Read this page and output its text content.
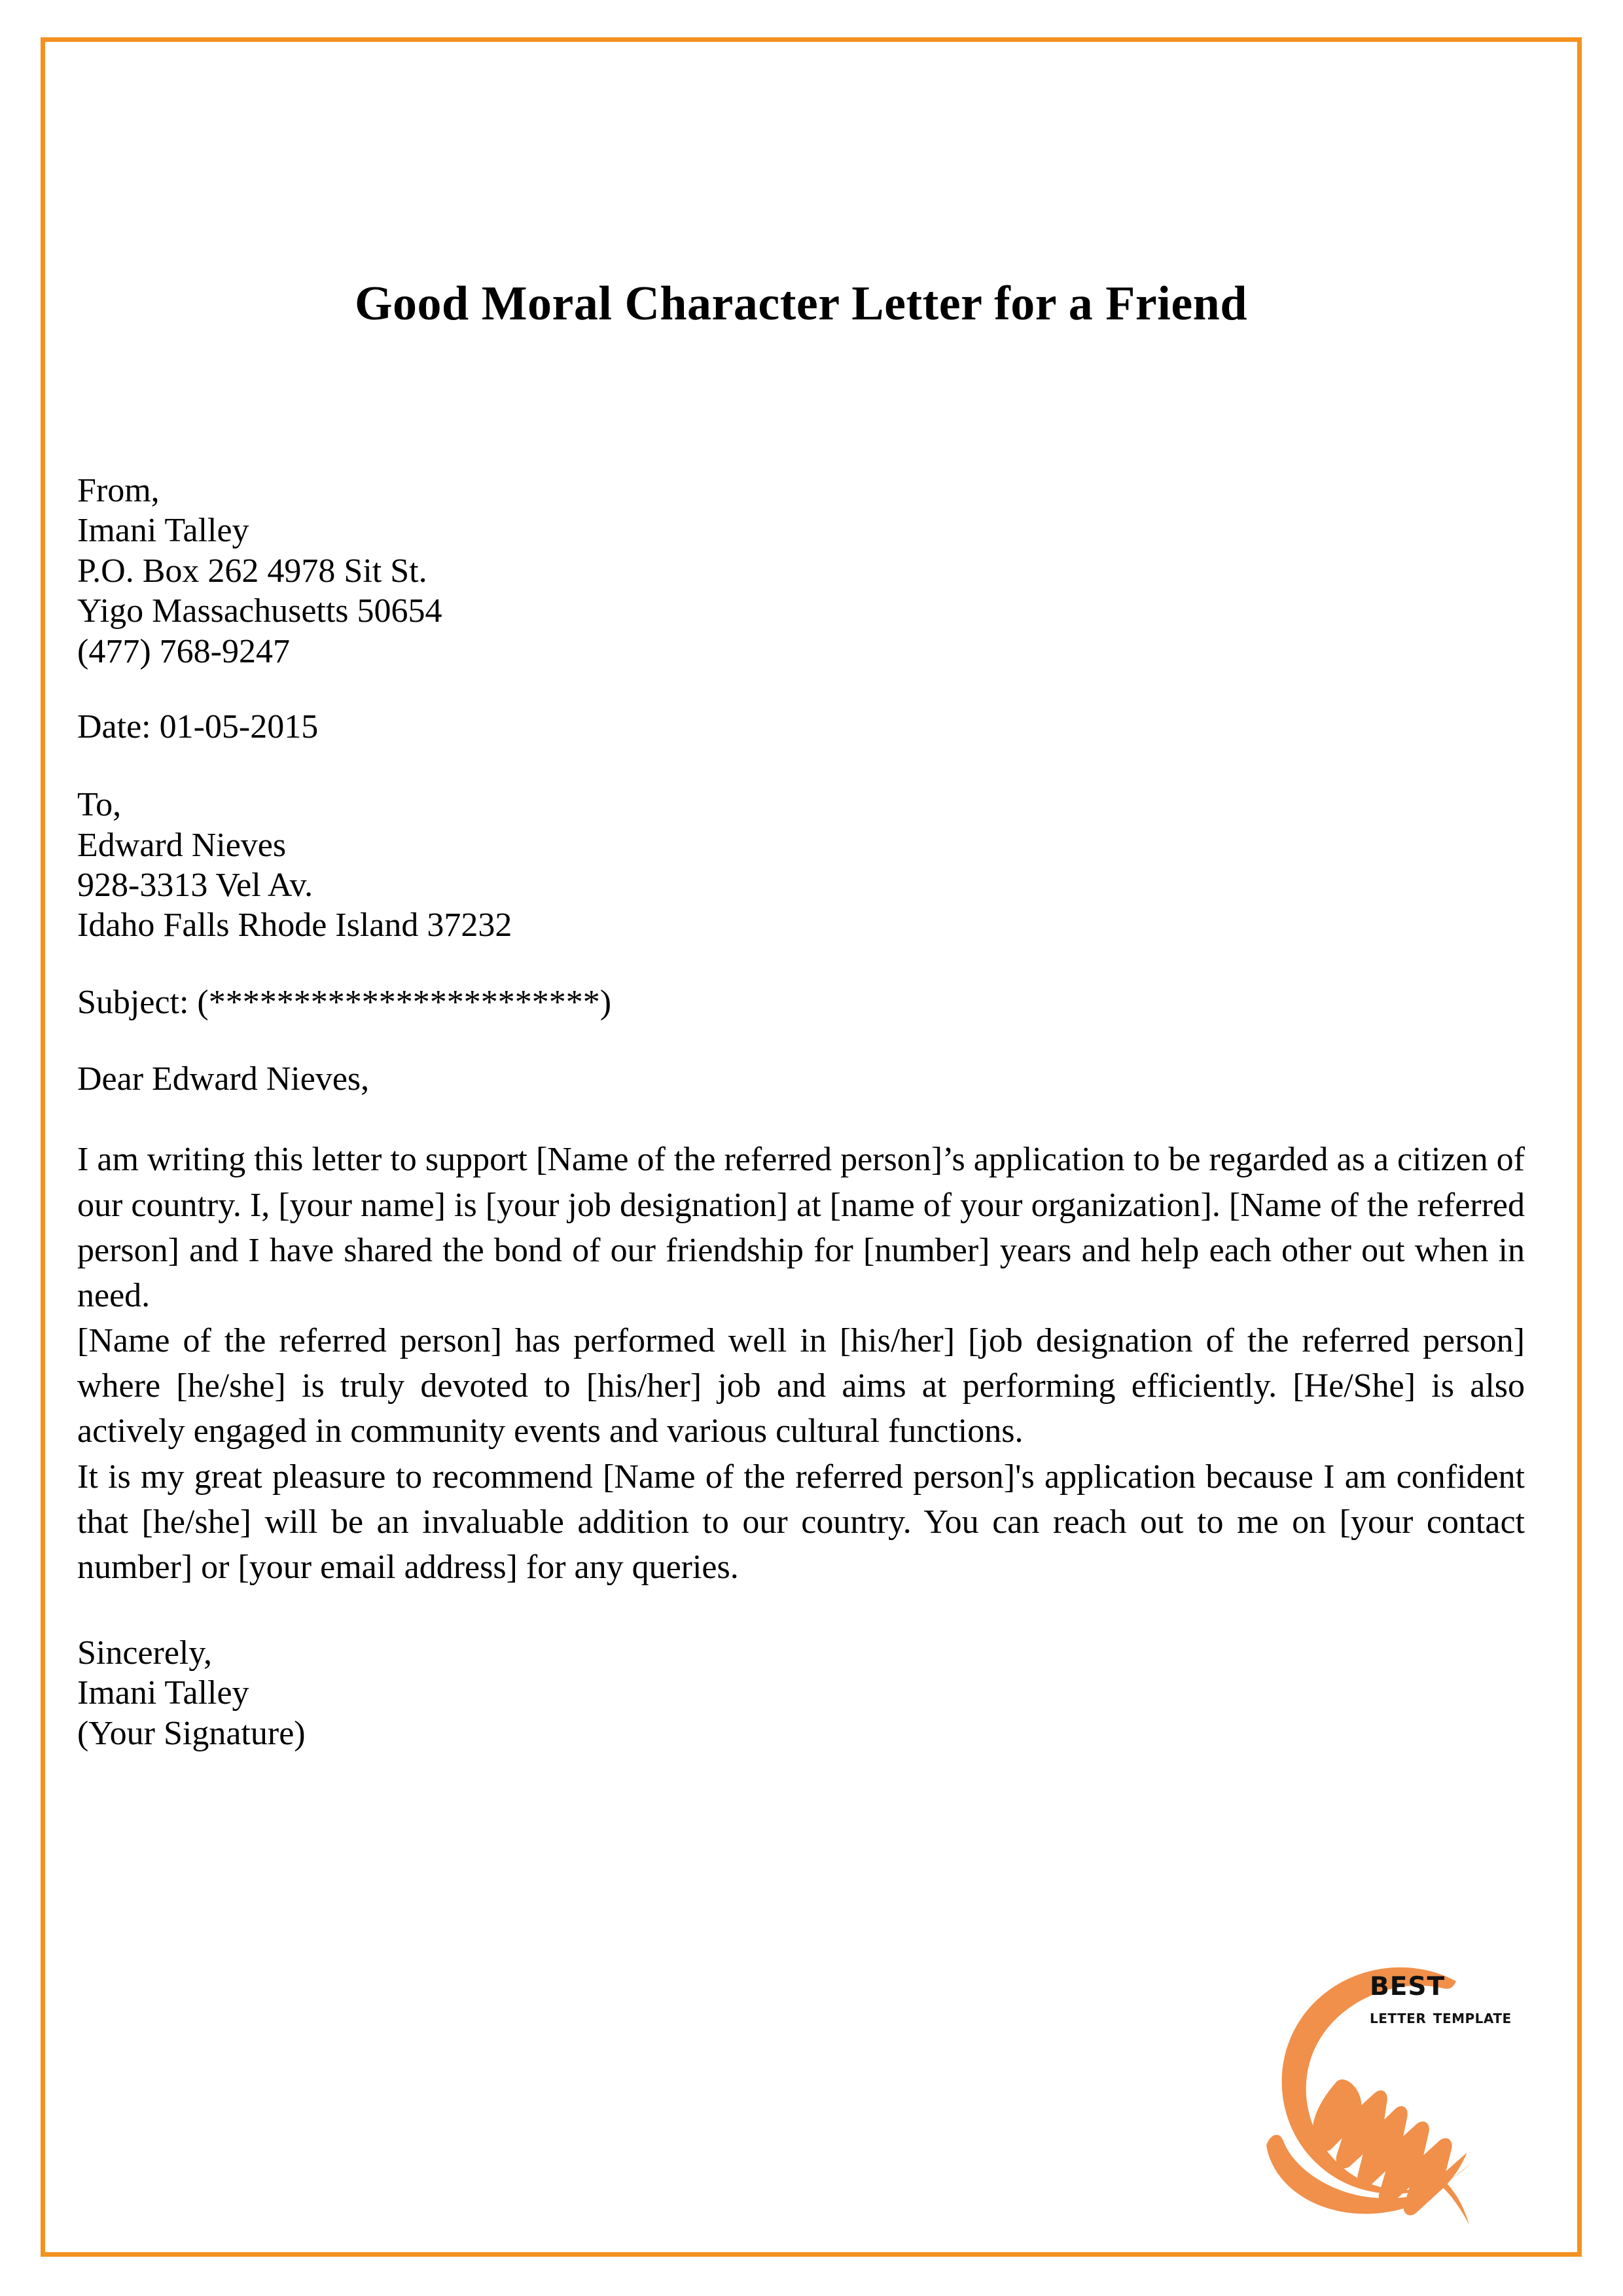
Good Moral Character Letter for a Friend
From,
Imani Talley
P.O. Box 262 4978 Sit St.
Yigo Massachusetts 50654
(477) 768-9247
Date: 01-05-2015
To,
Edward Nieves
928-3313 Vel Av.
Idaho Falls Rhode Island 37232
Subject: (***********************)
Dear Edward Nieves,

I am writing this letter to support [Name of the referred person]’s application to be regarded as a citizen of our country. I, [your name] is [your job designation] at [name of your organization]. [Name of the referred person] and I have shared the bond of our friendship for [number] years and help each other out when in need.

[Name of the referred person] has performed well in [his/her] [job designation of the referred person] where [he/she] is truly devoted to [his/her] job and aims at performing efficiently. [He/She] is also actively engaged in community events and various cultural functions.

It is my great pleasure to recommend [Name of the referred person]'s application because I am confident that [he/she] will be an invaluable addition to our country. You can reach out to me on [your contact number] or [your email address] for any queries.

Sincerely,
Imani Talley
(Your Signature)
best
letter template
